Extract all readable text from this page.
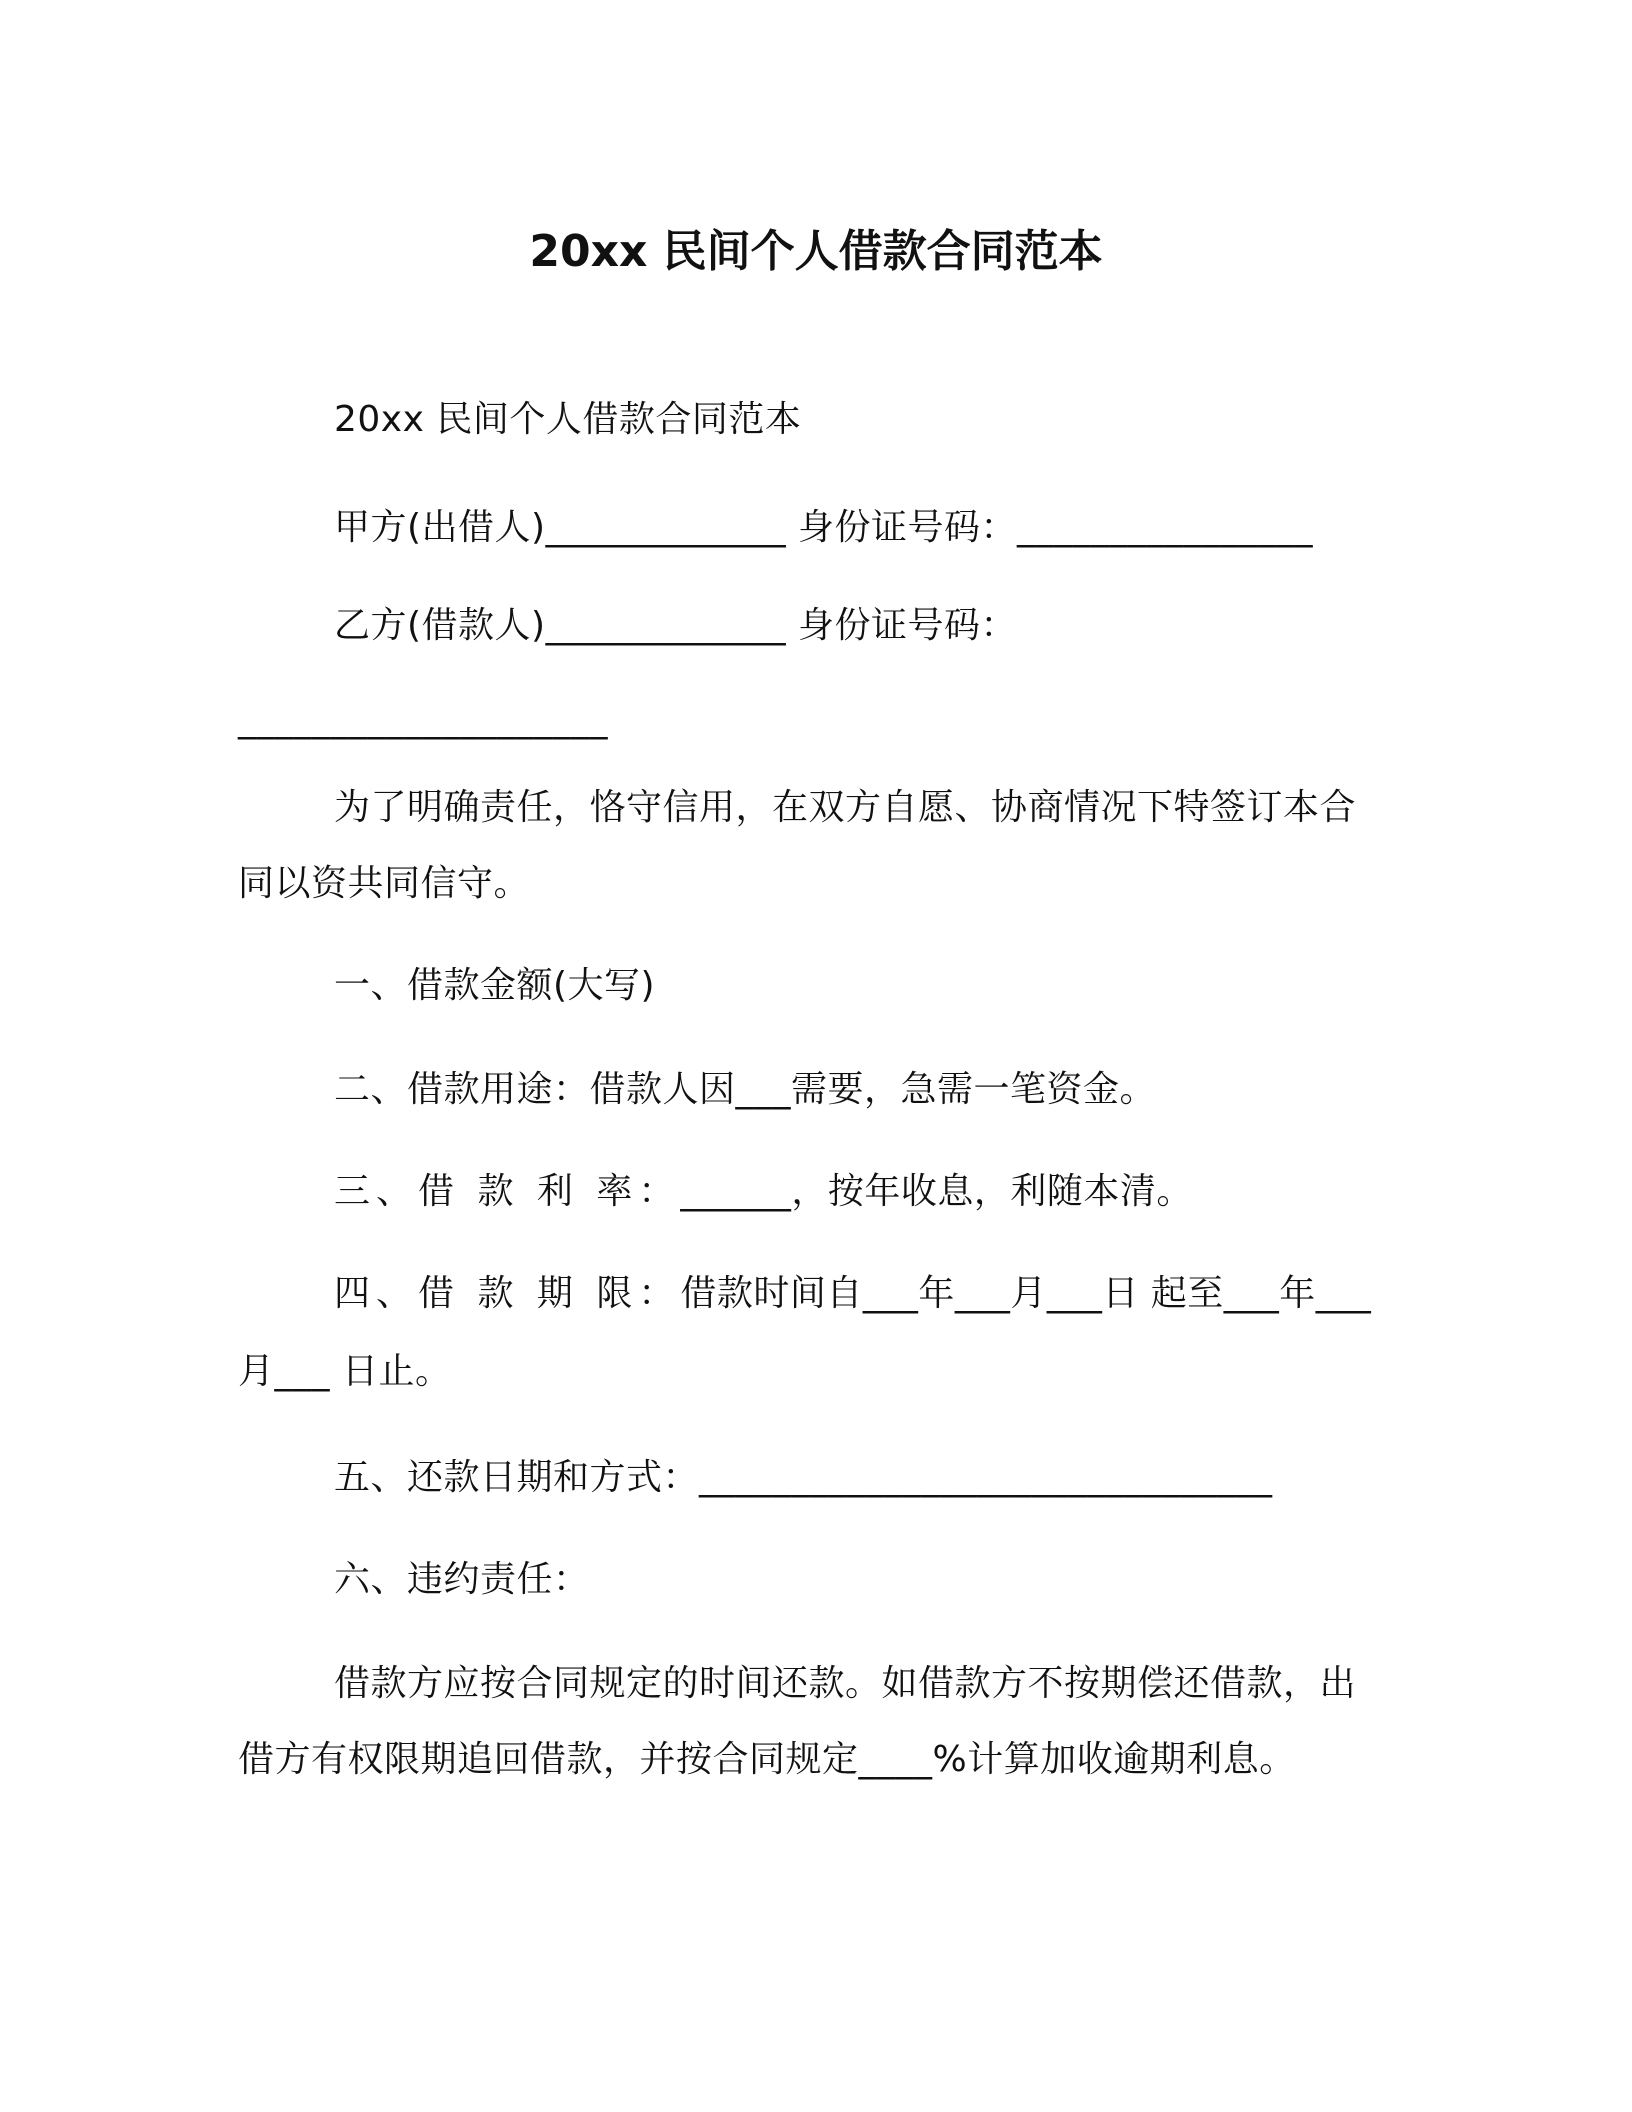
20xx 民间个人借款合同范本
20xx 民间个人借款合同范本
甲方(出借人)_____________ 身份证号码：________________
乙方(借款人)_____________ 身份证号码：
____________________
为了明确责任，恪守信用，在双方自愿、协商情况下特签订本合
同以资共同信守。
一、借款金额(大写)
二、借款用途：借款人因___需要，急需一笔资金。
三、借 款 利 率：______，按年收息，利随本清。
四、借 款 期 限：借款时间自___年___月___日 起至___年___
月___ 日止。
五、还款日期和方式：_______________________________
六、违约责任：
借款方应按合同规定的时间还款。如借款方不按期偿还借款，出
借方有权限期追回借款，并按合同规定____%计算加收逾期利息。
